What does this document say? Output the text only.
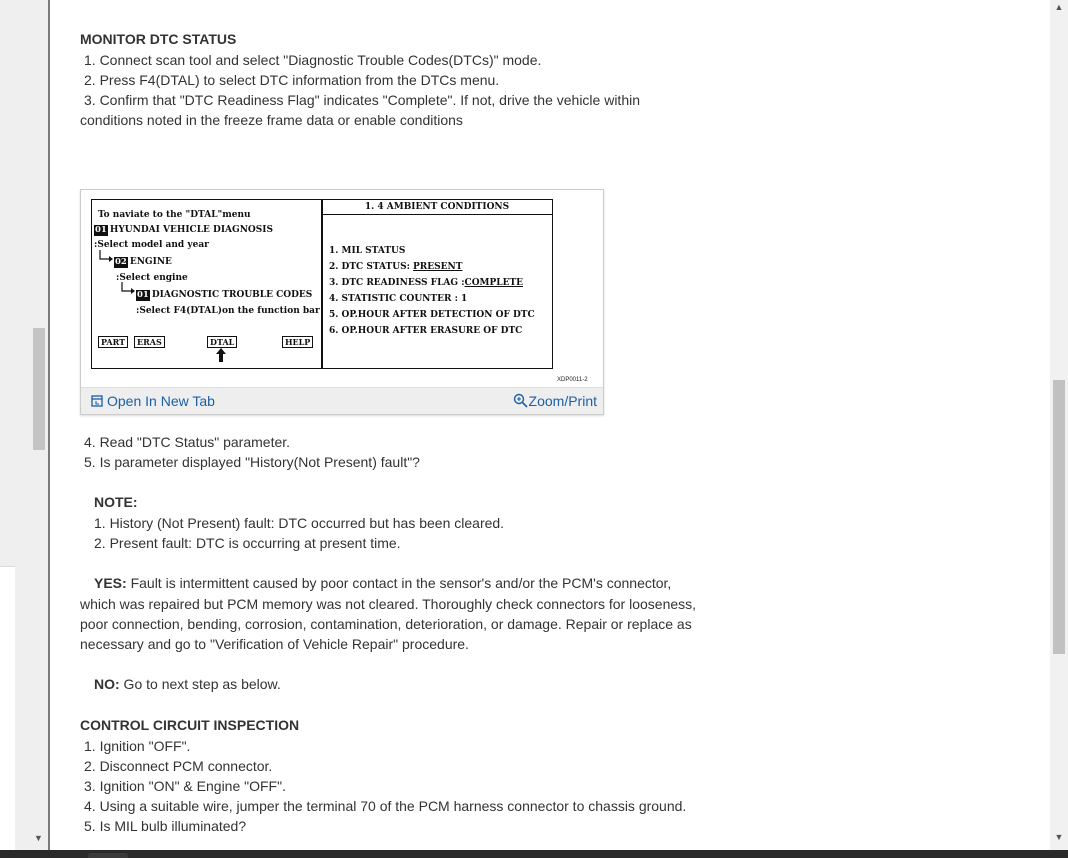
▼
MONITOR DTC STATUS
1. Connect scan tool and select "Diagnostic Trouble Codes(DTCs)" mode.
2. Press F4(DTAL) to select DTC information from the DTCs menu.
3. Confirm that "DTC Readiness Flag" indicates "Complete". If not, drive the vehicle within
conditions noted in the freeze frame data or enable conditions
To naviate to the "DTAL"menu
01 HYUNDAI VEHICLE DIAGNOSIS
:Select model and year
02 ENGINE
:Select engine
01 DIAGNOSTIC TROUBLE CODES
:Select F4(DTAL)on the function bar
PART	ERAS	DTAL	HELP
1. 4 AMBIENT CONDITIONS
1. MIL STATUS
2. DTC STATUS: PRESENT
3. DTC READINESS FLAG :COMPLETE
4. STATISTIC COUNTER : 1
5. OP.HOUR AFTER DETECTION OF DTC
6. OP.HOUR AFTER ERASURE OF DTC
XDP0011-2
Open In New Tab	Zoom/Print
4. Read "DTC Status" parameter.
5. Is parameter displayed "History(Not Present) fault"?
NOTE:
1. History (Not Present) fault: DTC occurred but has been cleared.
2. Present fault: DTC is occurring at present time.
YES: Fault is intermittent caused by poor contact in the sensor's and/or the PCM's connector,
which was repaired but PCM memory was not cleared. Thoroughly check connectors for looseness,
poor connection, bending, corrosion, contamination, deterioration, or damage. Repair or replace as
necessary and go to "Verification of Vehicle Repair" procedure.
NO: Go to next step as below.
CONTROL CIRCUIT INSPECTION
1. Ignition "OFF".
2. Disconnect PCM connector.
3. Ignition "ON" & Engine "OFF".
4. Using a suitable wire, jumper the terminal 70 of the PCM harness connector to chassis ground.
5. Is MIL bulb illuminated?
▲
▼
